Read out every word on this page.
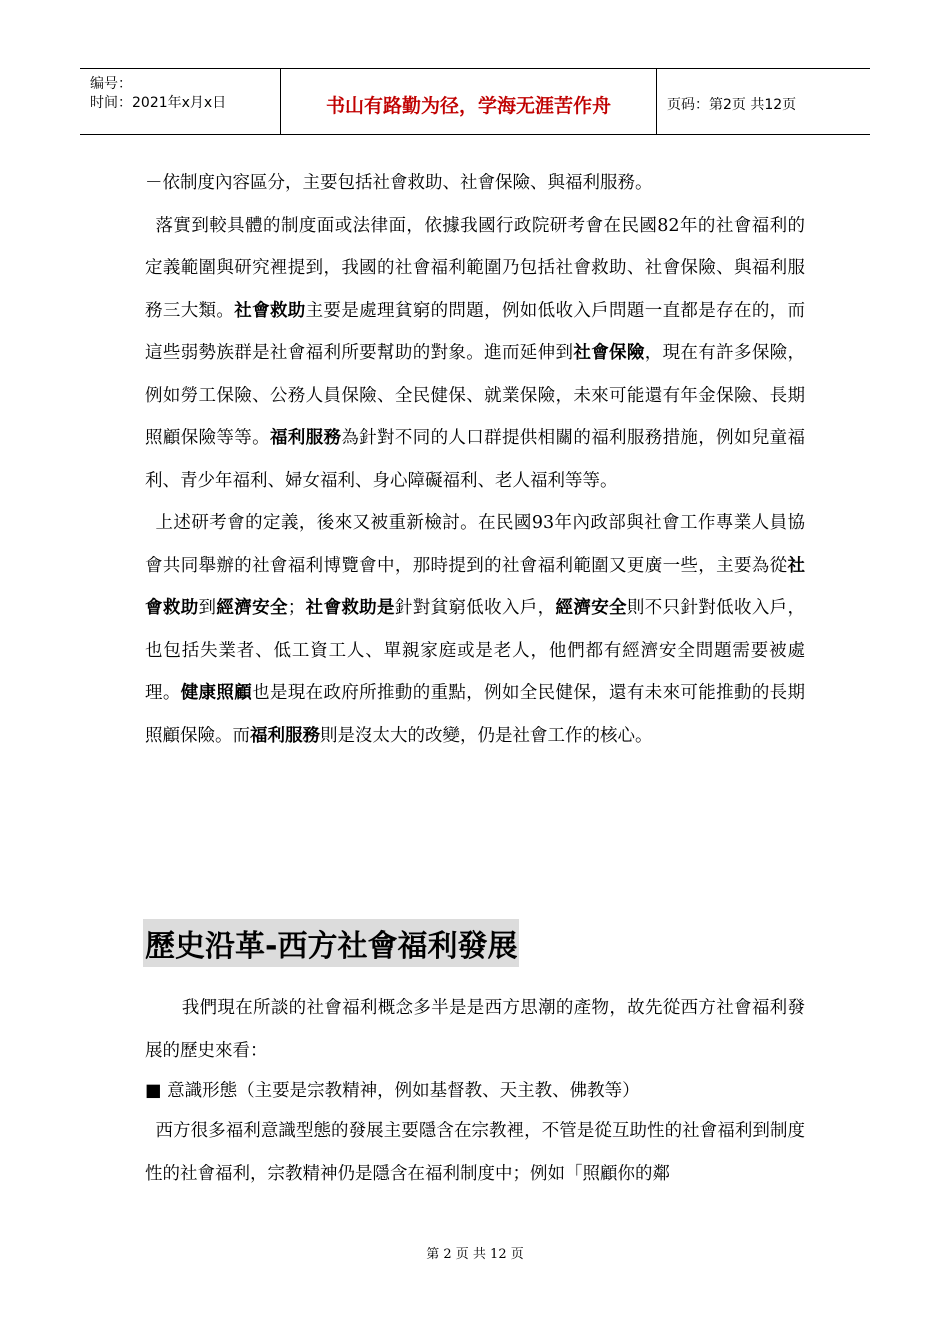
编号：
时间：2021年x月x日	书山有路勤为径，学海无涯苦作舟	页码：第2页 共12页

－依制度內容區分，主要包括社會救助、社會保險、與福利服務。

落實到較具體的制度面或法律面，依據我國行政院研考會在民國82年的社會福利的定義範圍與研究裡提到，我國的社會福利範圍乃包括社會救助、社會保險、與福利服務三大類。社會救助主要是處理貧窮的問題，例如低收入戶問題一直都是存在的，而這些弱勢族群是社會福利所要幫助的對象。進而延伸到社會保險，現在有許多保險，例如勞工保險、公務人員保險、全民健保、就業保險，未來可能還有年金保險、長期照顧保險等等。福利服務為針對不同的人口群提供相關的福利服務措施，例如兒童福利、青少年福利、婦女福利、身心障礙福利、老人福利等等。

上述研考會的定義，後來又被重新檢討。在民國93年內政部與社會工作專業人員協會共同舉辦的社會福利博覽會中，那時提到的社會福利範圍又更廣一些，主要為從社會救助到經濟安全；社會救助是針對貧窮低收入戶，經濟安全則不只針對低收入戶，也包括失業者、低工資工人、單親家庭或是老人，他們都有經濟安全問題需要被處理。健康照顧也是現在政府所推動的重點，例如全民健保，還有未來可能推動的長期照顧保險。而福利服務則是沒太大的改變，仍是社會工作的核心。

歷史沿革-西方社會福利發展

我們現在所談的社會福利概念多半是是西方思潮的產物，故先從西方社會福利發展的歷史來看：

■ 意識形態（主要是宗教精神，例如基督教、天主教、佛教等）

西方很多福利意識型態的發展主要隱含在宗教裡，不管是從互助性的社會福利到制度性的社會福利，宗教精神仍是隱含在福利制度中；例如「照顧你的鄰

第 2 页 共 12 页
